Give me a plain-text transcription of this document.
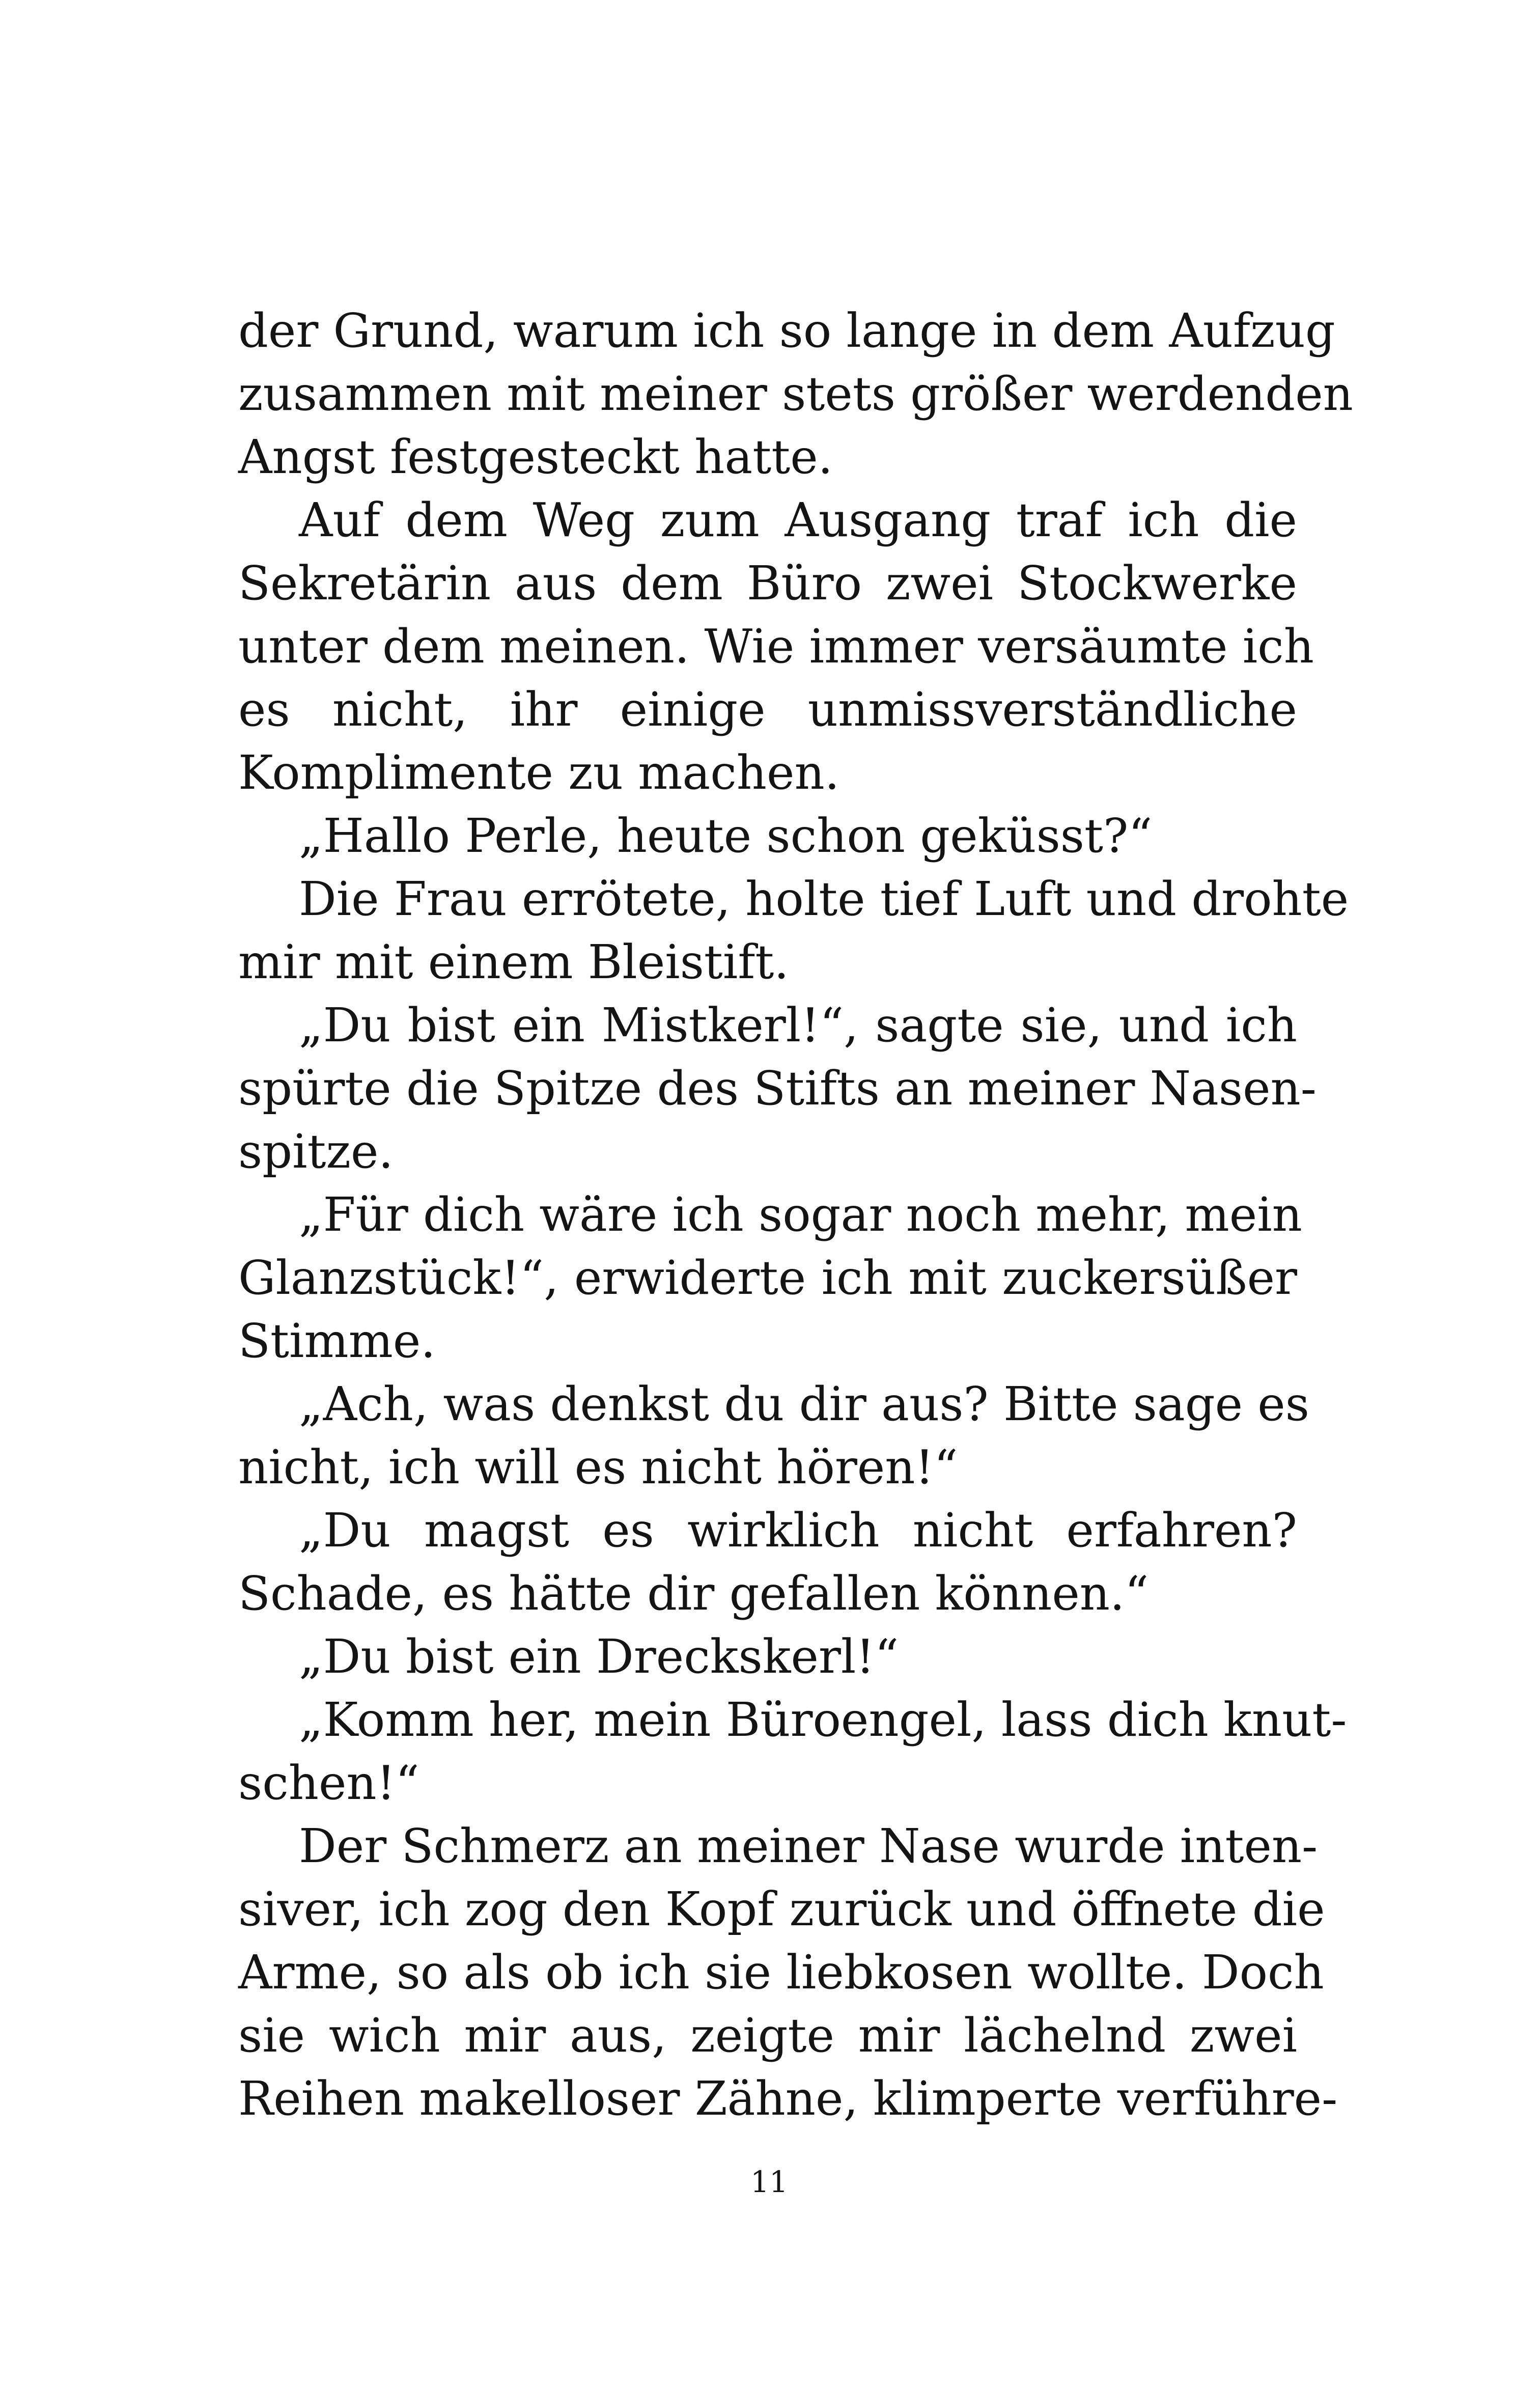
der Grund, warum ich so lange in dem Aufzug
zusammen mit meiner stets größer werdenden
Angst festgesteckt hatte.
Auf dem Weg zum Ausgang traf ich die
Sekretärin aus dem Büro zwei Stockwerke
unter dem meinen. Wie immer versäumte ich
es nicht, ihr einige unmissverständliche
Komplimente zu machen.
„Hallo Perle, heute schon geküsst?“
Die Frau errötete, holte tief Luft und drohte
mir mit einem Bleistift.
„Du bist ein Mistkerl!“, sagte sie, und ich
spürte die Spitze des Stifts an meiner Nasen-
spitze.
„Für dich wäre ich sogar noch mehr, mein
Glanzstück!“, erwiderte ich mit zuckersüßer
Stimme.
„Ach, was denkst du dir aus? Bitte sage es
nicht, ich will es nicht hören!“
„Du magst es wirklich nicht erfahren?
Schade, es hätte dir gefallen können.“
„Du bist ein Dreckskerl!“
„Komm her, mein Büroengel, lass dich knut-
schen!“
Der Schmerz an meiner Nase wurde inten-
siver, ich zog den Kopf zurück und öffnete die
Arme, so als ob ich sie liebkosen wollte. Doch
sie wich mir aus, zeigte mir lächelnd zwei
Reihen makelloser Zähne, klimperte verführe-
11
